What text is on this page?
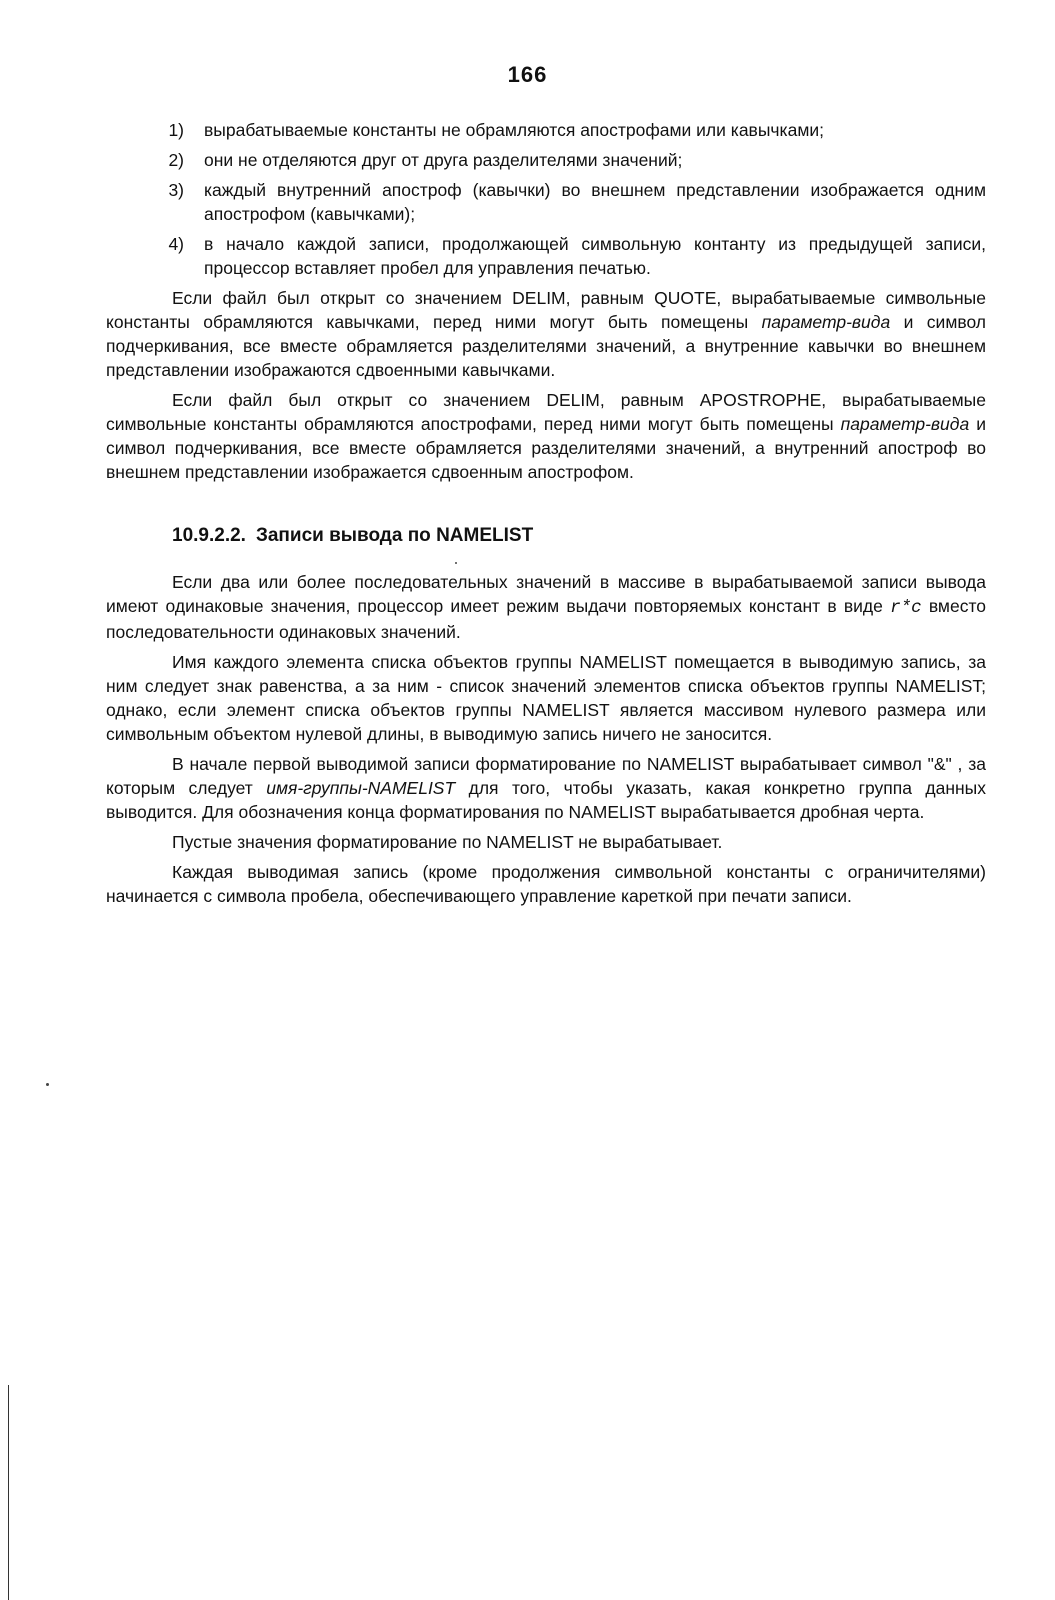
166
1)	вырабатываемые константы не обрамляются апострофами или кавычками;
2)	они не отделяются друг от друга разделителями значений;
3)	каждый внутренний апостроф (кавычки) во внешнем представлении изображается одним апострофом (кавычками);
4)	в начало каждой записи, продолжающей символьную контанту из предыдущей записи, процессор вставляет пробел для управления печатью.

Если файл был открыт со значением DELIM, равным QUOTE, вырабатываемые символьные константы обрамляются кавычками, перед ними могут быть помещены параметр-вида и символ подчеркивания, все вместе обрамляется разделителями значений, а внутренние кавычки во внешнем представлении изображаются сдвоенными кавычками.

Если файл был открыт со значением DELIM, равным APOSTROPHE, вырабатываемые символьные константы обрамляются апострофами, перед ними могут быть помещены параметр-вида и символ подчеркивания, все вместе обрамляется разделителями значений, а внутренний апостроф во внешнем представлении изображается сдвоенным апострофом.

10.9.2.2. Записи вывода по NAMELIST

Если два или более последовательных значений в массиве в вырабатываемой записи вывода имеют одинаковые значения, процессор имеет режим выдачи повторяемых констант в виде r*c вместо последовательности одинаковых значений.

Имя каждого элемента списка объектов группы NAMELIST помещается в выводимую запись, за ним следует знак равенства, а за ним - список значений элементов списка объектов группы NAMELIST; однако, если элемент списка объектов группы NAMELIST является массивом нулевого размера или символьным объектом нулевой длины, в выводимую запись ничего не заносится.

В начале первой выводимой записи форматирование по NAMELIST вырабатывает символ "&" , за которым следует имя-группы-NAMELIST для того, чтобы указать, какая конкретно группа данных выводится. Для обозначения конца форматирования по NAMELIST вырабатывается дробная черта.

Пустые значения форматирование по NAMELIST не вырабатывает.

Каждая выводимая запись (кроме продолжения символьной константы с ограничителями) начинается с символа пробела, обеспечивающего управление кареткой при печати записи.
